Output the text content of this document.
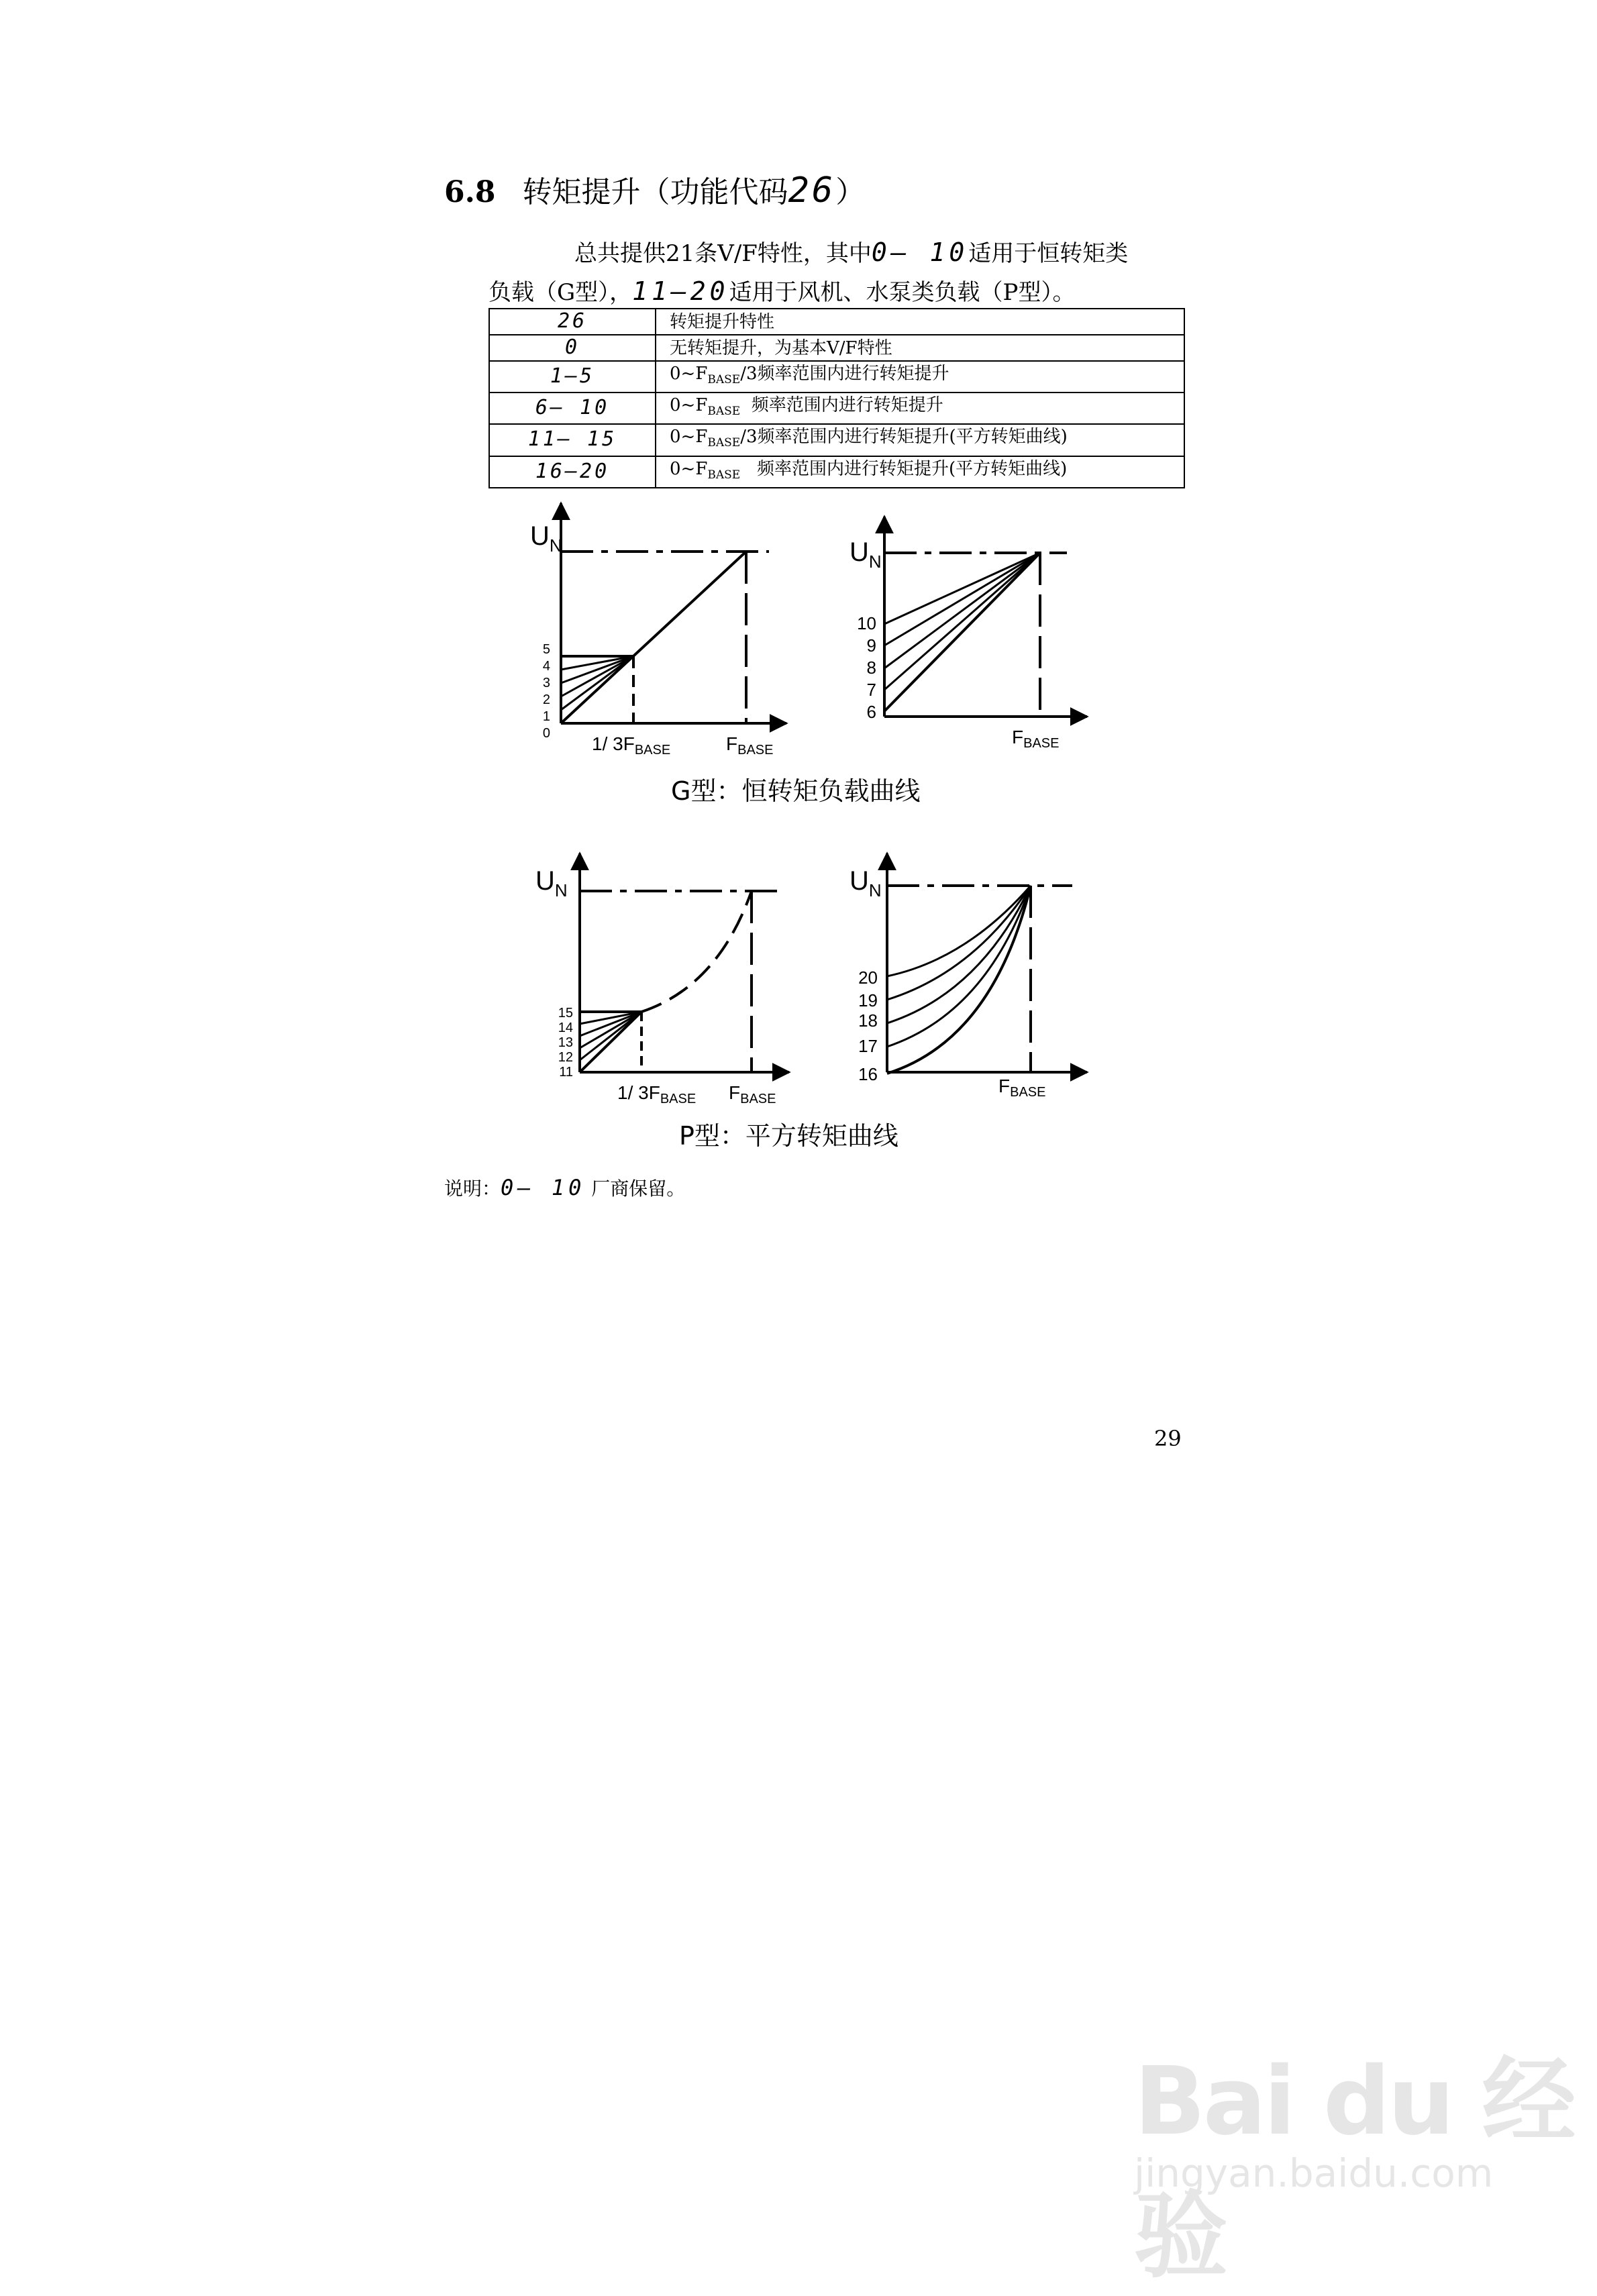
6.8 转矩提升（功能代码26）
总共提供21条V/F特性，其中0— 10适用于恒转矩类
负载（G型），11—20适用于风机、水泵类负载（P型）。
26	转矩提升特性
0	无转矩提升，为基本V/F特性
1—5	$0\sim F_{BASE}/3$频率范围内进行转矩提升
6— 10	$0\sim F_{BASE}$  频率范围内进行转矩提升
11— 15	$0\sim F_{BASE}/3$频率范围内进行转矩提升(平方转矩曲线)
16—20	$0\sim F_{BASE}$   频率范围内进行转矩提升(平方转矩曲线)
$U_N$
5
4
3
2
1
0 1/ $3F_{BASE}$	$F_{BASE}$
$U_N$
10
9
8
7
6
$F_{BASE}$
$U_N$
15
14
13
12
11
1/ $3F_{BASE}$ $F_{BASE}$
$U_N$
20
19
18
17
16
$F_{BASE}$
G型：恒转矩负载曲线
P型：平方转矩曲线
说明：0— 10 厂商保留。
29
Bai du 经验
jingyan.baidu.com
